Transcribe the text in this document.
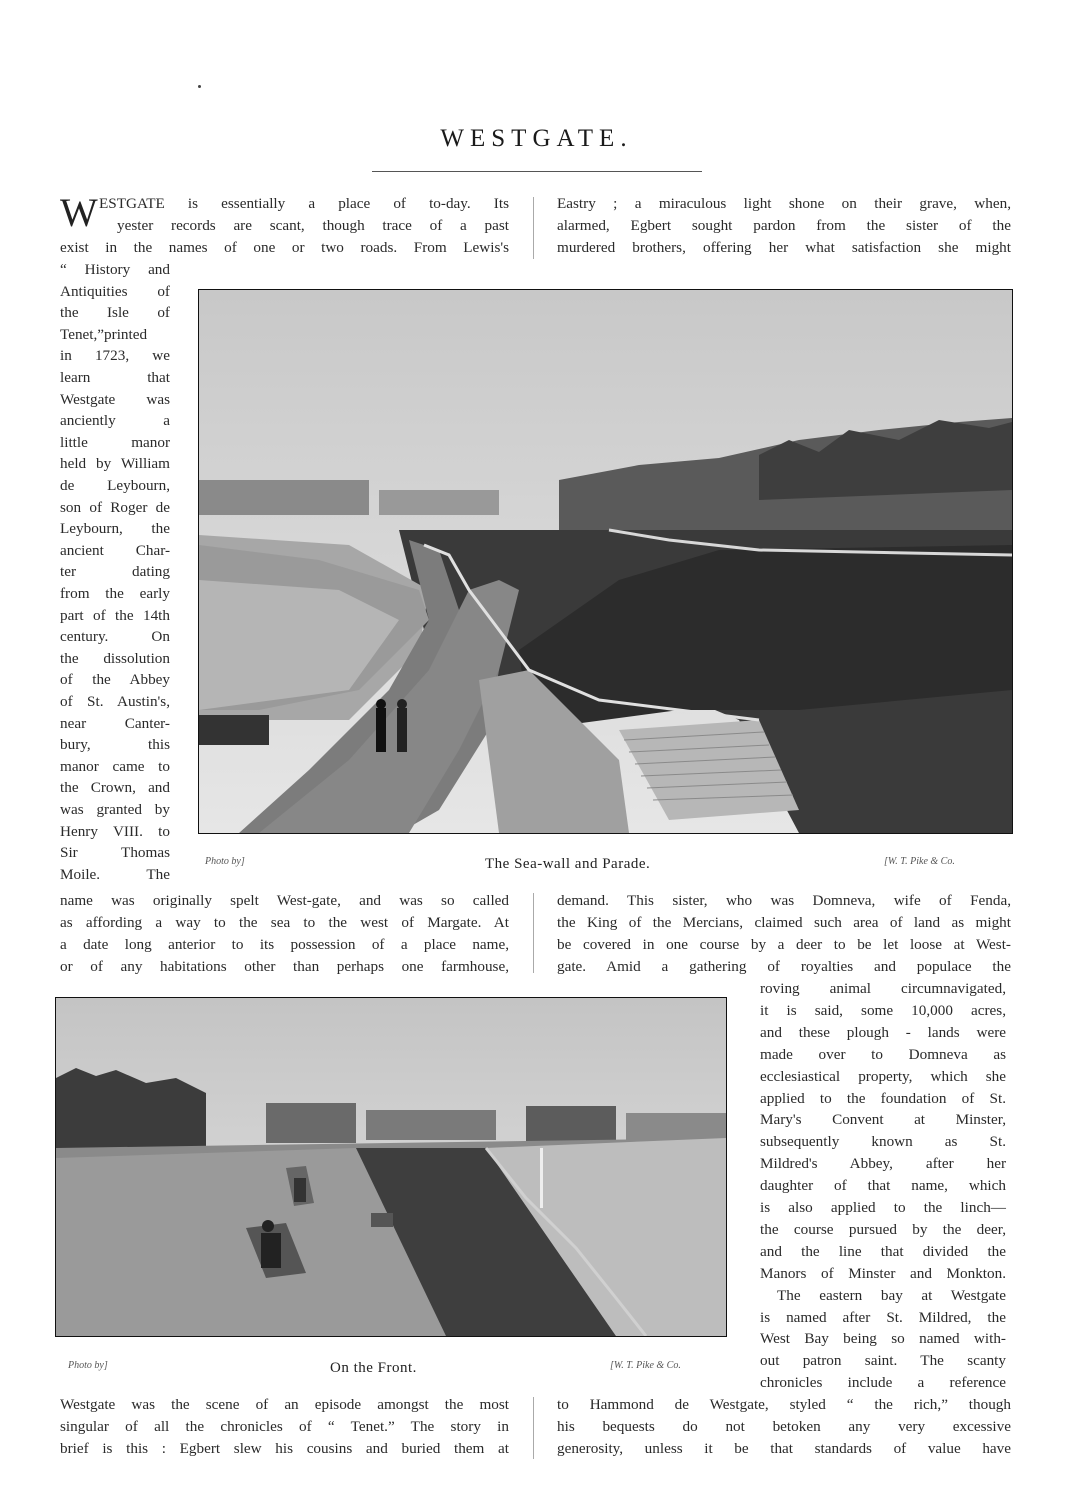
WESTGATE.
W ESTGATE is essentially a place of to-day. Its
yester records are scant, though trace of a past
exist in the names of one or two roads. From Lewis's
Eastry ; a miraculous light shone on their grave, when,
alarmed, Egbert sought pardon from the sister of the
murdered brothers, offering her what satisfaction she might
“ History and
Antiquities of
the Isle of
Tenet,”printed
in 1723, we
learn that
Westgate was
anciently a
little manor
held by William
de Leybourn,
son of Roger de
Leybourn, the
ancient Char-
ter dating
from the early
part of the 14th
century. On
the dissolution
of the Abbey
of St. Austin's,
near Canter-
bury, this
manor came to
the Crown, and
was granted by
Henry VIII. to
Sir Thomas
Moile. The
Photo by]	The Sea-wall and Parade.	[W. T. Pike & Co.
name was originally spelt West-gate, and was so called
as affording a way to the sea to the west of Margate. At
a date long anterior to its possession of a place name,
or of any habitations other than perhaps one farmhouse,
demand. This sister, who was Domneva, wife of Fenda,
the King of the Mercians, claimed such area of land as might
be covered in one course by a deer to be let loose at West-
gate. Amid a gathering of royalties and populace the
Photo by]	On the Front.	[W. T. Pike & Co.
roving animal circumnavigated,
it is said, some 10,000 acres,
and these plough - lands were
made over to Domneva as
ecclesiastical property, which she
applied to the foundation of St.
Mary's Convent at Minster,
subsequently known as St.
Mildred's Abbey, after her
daughter of that name, which
is also applied to the linch—
the course pursued by the deer,
and the line that divided the
Manors of Minster and Monkton.
The eastern bay at Westgate
is named after St. Mildred, the
West Bay being so named with-
out patron saint. The scanty
chronicles include a reference
Westgate was the scene of an episode amongst the most
singular of all the chronicles of “ Tenet.” The story in
brief is this : Egbert slew his cousins and buried them at
to Hammond de Westgate, styled “ the rich,” though
his bequests do not betoken any very excessive
generosity, unless it be that standards of value have
